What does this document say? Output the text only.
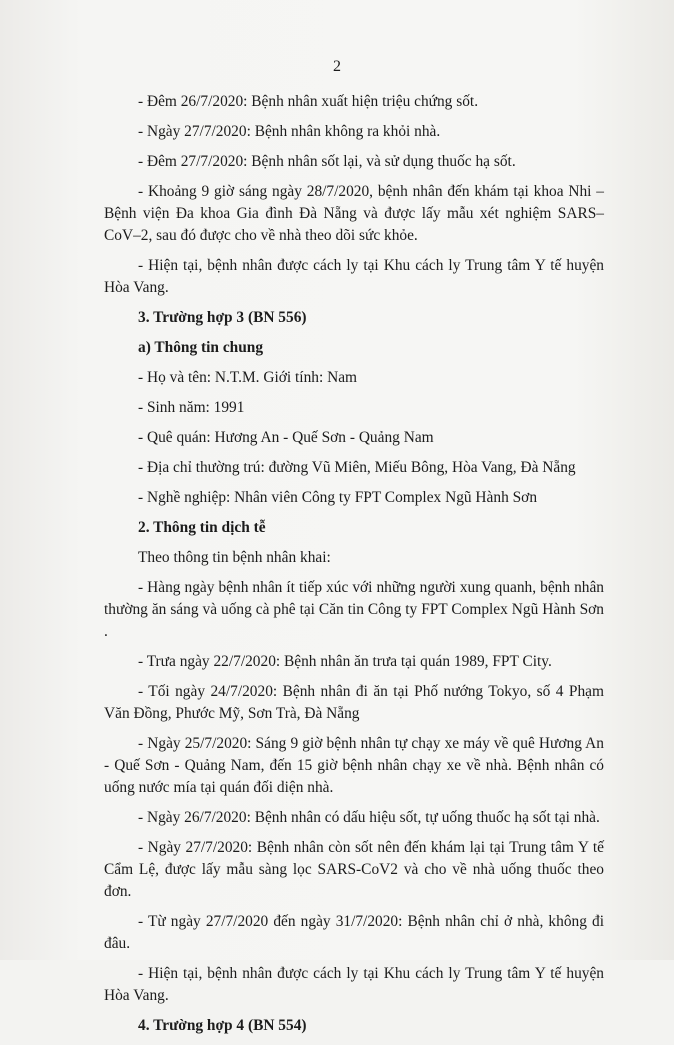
2

- Đêm 26/7/2020: Bệnh nhân xuất hiện triệu chứng sốt.

- Ngày 27/7/2020: Bệnh nhân không ra khỏi nhà.

- Đêm 27/7/2020: Bệnh nhân sốt lại, và sử dụng thuốc hạ sốt.

- Khoảng 9 giờ sáng ngày 28/7/2020, bệnh nhân đến khám tại khoa Nhi – Bệnh viện Đa khoa Gia đình Đà Nẵng và được lấy mẫu xét nghiệm SARS–CoV–2, sau đó được cho về nhà theo dõi sức khỏe.

- Hiện tại, bệnh nhân được cách ly tại Khu cách ly Trung tâm Y tế huyện Hòa Vang.

3. Trường hợp 3 (BN 556)

a) Thông tin chung

- Họ và tên: N.T.M. Giới tính: Nam

- Sinh năm: 1991

- Quê quán: Hương An - Quế Sơn - Quảng Nam

- Địa chỉ thường trú: đường Vũ Miên, Miếu Bông, Hòa Vang, Đà Nẵng

- Nghề nghiệp: Nhân viên Công ty FPT Complex Ngũ Hành Sơn

2. Thông tin dịch tễ

Theo thông tin bệnh nhân khai:

- Hàng ngày bệnh nhân ít tiếp xúc với những người xung quanh, bệnh nhân thường ăn sáng và uống cà phê tại Căn tin Công ty FPT Complex Ngũ Hành Sơn .

- Trưa ngày 22/7/2020: Bệnh nhân ăn trưa tại quán 1989, FPT City.

- Tối ngày 24/7/2020: Bệnh nhân đi ăn tại Phố nướng Tokyo, số 4 Phạm Văn Đồng, Phước Mỹ, Sơn Trà, Đà Nẵng

- Ngày 25/7/2020: Sáng 9 giờ bệnh nhân tự chạy xe máy về quê Hương An - Quế Sơn - Quảng Nam, đến 15 giờ bệnh nhân chạy xe về nhà. Bệnh nhân có uống nước mía tại quán đối diện nhà.

- Ngày 26/7/2020: Bệnh nhân có dấu hiệu sốt, tự uống thuốc hạ sốt tại nhà.

- Ngày 27/7/2020: Bệnh nhân còn sốt nên đến khám lại tại Trung tâm Y tế Cẩm Lệ, được lấy mẫu sàng lọc SARS-CoV2 và cho về nhà uống thuốc theo đơn.

- Từ ngày 27/7/2020 đến ngày 31/7/2020: Bệnh nhân chỉ ở nhà, không đi đâu.

- Hiện tại, bệnh nhân được cách ly tại Khu cách ly Trung tâm Y tế huyện Hòa Vang.

4. Trường hợp 4 (BN 554)
